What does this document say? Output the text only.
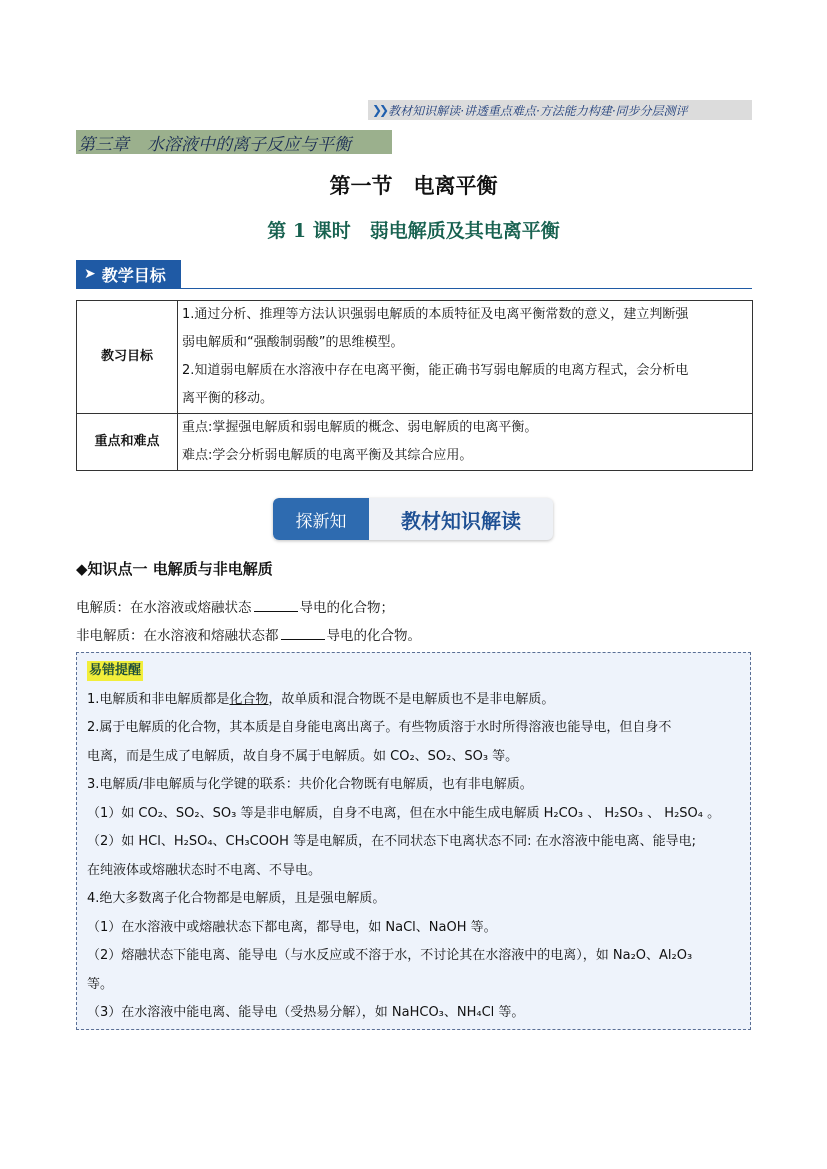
❯❯ 教材知识解读·讲透重点难点·方法能力构建·同步分层测评
第三章 水溶液中的离子反应与平衡
第一节　电离平衡
第 1 课时　弱电解质及其电离平衡
➤ 教学目标
教习目标	1.通过分析、推理等方法认识强弱电解质的本质特征及电离平衡常数的意义，建立判断强
弱电解质和“强酸制弱酸”的思维模型。
2.知道弱电解质在水溶液中存在电离平衡，能正确书写弱电解质的电离方程式，会分析电
离平衡的移动。

重点和难点	重点:掌握强电解质和弱电解质的概念、弱电解质的电离平衡。
难点:学会分析弱电解质的电离平衡及其综合应用。
探新知	教材知识解读
◆知识点一 电解质与非电解质
电解质：在水溶液或熔融状态	导电的化合物；
非电解质：在水溶液和熔融状态都	导电的化合物。

易错提醒

1.电解质和非电解质都是化合物，故单质和混合物既不是电解质也不是非电解质。

2.属于电解质的化合物，其本质是自身能电离出离子。有些物质溶于水时所得溶液也能导电，但自身不

电离，而是生成了电解质，故自身不属于电解质。如 CO₂、SO₂、SO₃ 等。

3.电解质/非电解质与化学键的联系：共价化合物既有电解质，也有非电解质。

（1）如 CO₂、SO₂、SO₃ 等是非电解质，自身不电离，但在水中能生成电解质 H₂CO₃ 、 H₂SO₃ 、 H₂SO₄ 。

（2）如 HCl、H₂SO₄、CH₃COOH 等是电解质，在不同状态下电离状态不同: 在水溶液中能电离、能导电;

在纯液体或熔融状态时不电离、不导电。

4.绝大多数离子化合物都是电解质，且是强电解质。

（1）在水溶液中或熔融状态下都电离，都导电，如 NaCl、NaOH 等。

（2）熔融状态下能电离、能导电（与水反应或不溶于水，不讨论其在水溶液中的电离），如 Na₂O、Al₂O₃

等。

（3）在水溶液中能电离、能导电（受热易分解），如 NaHCO₃、NH₄Cl 等。
